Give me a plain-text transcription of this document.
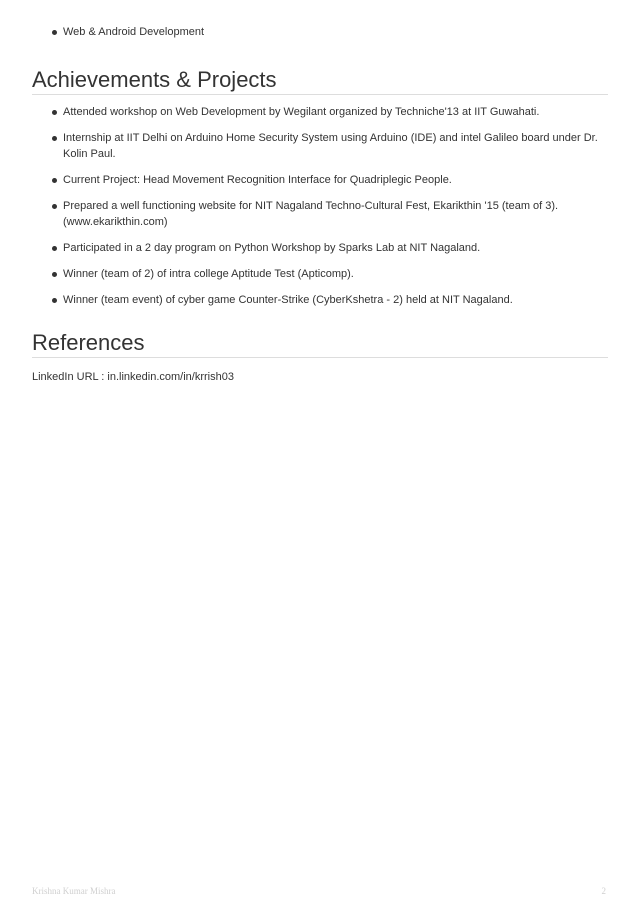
Web & Android Development
Achievements & Projects
Attended workshop on Web Development by Wegilant organized by Techniche'13 at IIT Guwahati.
Internship at IIT Delhi on Arduino Home Security System using Arduino (IDE) and intel Galileo board under Dr. Kolin Paul.
Current Project: Head Movement Recognition Interface for Quadriplegic People.
Prepared a well functioning website for NIT Nagaland Techno-Cultural Fest, Ekarikthin '15 (team of 3). (www.ekarikthin.com)
Participated in a 2 day program on Python Workshop by Sparks Lab at NIT Nagaland.
Winner (team of 2) of intra college Aptitude Test (Apticomp).
Winner (team event) of cyber game Counter-Strike (CyberKshetra - 2) held at NIT Nagaland.
References
LinkedIn URL : in.linkedin.com/in/krrish03
Krishna Kumar Mishra	2
